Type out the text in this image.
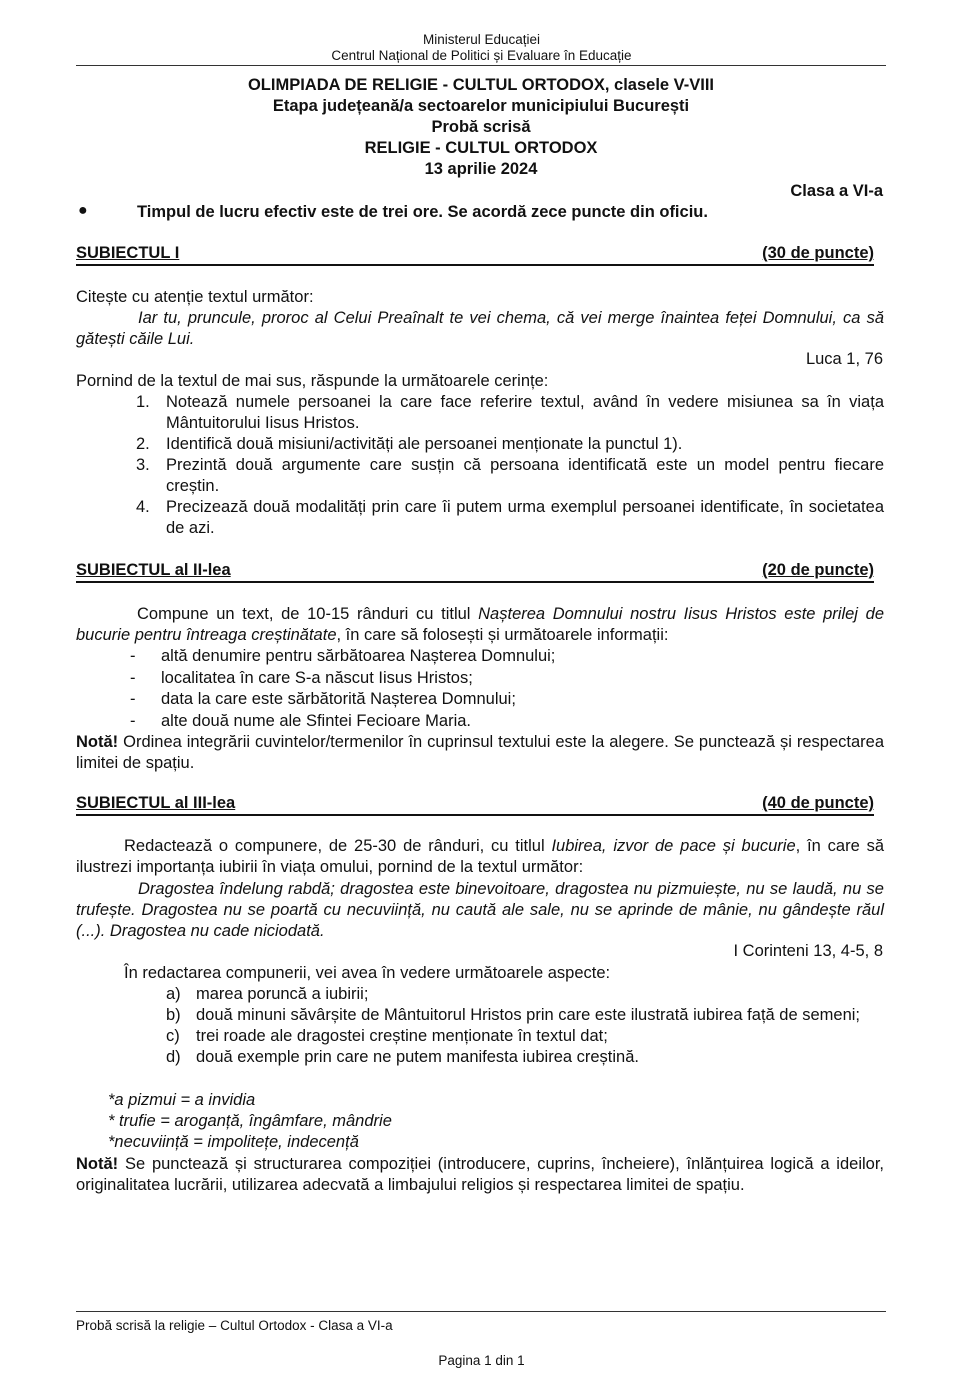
Ministerul Educației
Centrul Național de Politici și Evaluare în Educație
OLIMPIADA DE RELIGIE - CULTUL ORTODOX, clasele V-VIII
Etapa județeană/a sectoarelor municipiului București
Probă scrisă
RELIGIE - CULTUL ORTODOX
13 aprilie 2024
Clasa a VI-a
●	Timpul de lucru efectiv este de trei ore. Se acordă zece puncte din oficiu.
SUBIECTUL I	(30 de puncte)
Citește cu atenție textul următor:
Iar tu, pruncule, proroc al Celui Preaînalt te vei chema, că vei merge înaintea feței Domnului, ca să gătești căile Lui.
Luca 1, 76
Pornind de la textul de mai sus, răspunde la următoarele cerințe:
1. Notează numele persoanei la care face referire textul, având în vedere misiunea sa în viața Mântuitorului Iisus Hristos.
2. Identifică două misiuni/activități ale persoanei menționate la punctul 1).
3. Prezintă două argumente care susțin că persoana identificată este un model pentru fiecare creștin.
4. Precizează două modalități prin care îi putem urma exemplul persoanei identificate, în societatea de azi.
SUBIECTUL al II-lea	(20 de puncte)
Compune un text, de 10-15 rânduri cu titlul Nașterea Domnului nostru Iisus Hristos este prilej de bucurie pentru întreaga creștinătate, în care să folosești și următoarele informații:
- altă denumire pentru sărbătoarea Nașterea Domnului;
- localitatea în care S-a născut Iisus Hristos;
- data la care este sărbătorită Nașterea Domnului;
- alte două nume ale Sfintei Fecioare Maria.
Notă! Ordinea integrării cuvintelor/termenilor în cuprinsul textului este la alegere. Se punctează și respectarea limitei de spațiu.
SUBIECTUL al III-lea	(40 de puncte)
Redactează o compunere, de 25-30 de rânduri, cu titlul Iubirea, izvor de pace și bucurie, în care să ilustrezi importanța iubirii în viața omului, pornind de la textul următor:
Dragostea îndelung rabdă; dragostea este binevoitoare, dragostea nu pizmuiește, nu se laudă, nu se trufește. Dragostea nu se poartă cu necuviință, nu caută ale sale, nu se aprinde de mânie, nu gândește răul (...). Dragostea nu cade niciodată.
I Corinteni 13, 4-5, 8
În redactarea compunerii, vei avea în vedere următoarele aspecte:
a) marea poruncă a iubirii;
b) două minuni săvârșite de Mântuitorul Hristos prin care este ilustrată iubirea față de semeni;
c) trei roade ale dragostei creștine menționate în textul dat;
d) două exemple prin care ne putem manifesta iubirea creștină.
*a pizmui = a invidia
* trufie = aroganță, îngâmfare, mândrie
*necuviință = impolitețe, indecență
Notă! Se punctează și structurarea compoziției (introducere, cuprins, încheiere), înlănțuirea logică a ideilor, originalitatea lucrării, utilizarea adecvată a limbajului religios și respectarea limitei de spațiu.
Probă scrisă la religie – Cultul Ortodox - Clasa a VI-a
Pagina 1 din 1
